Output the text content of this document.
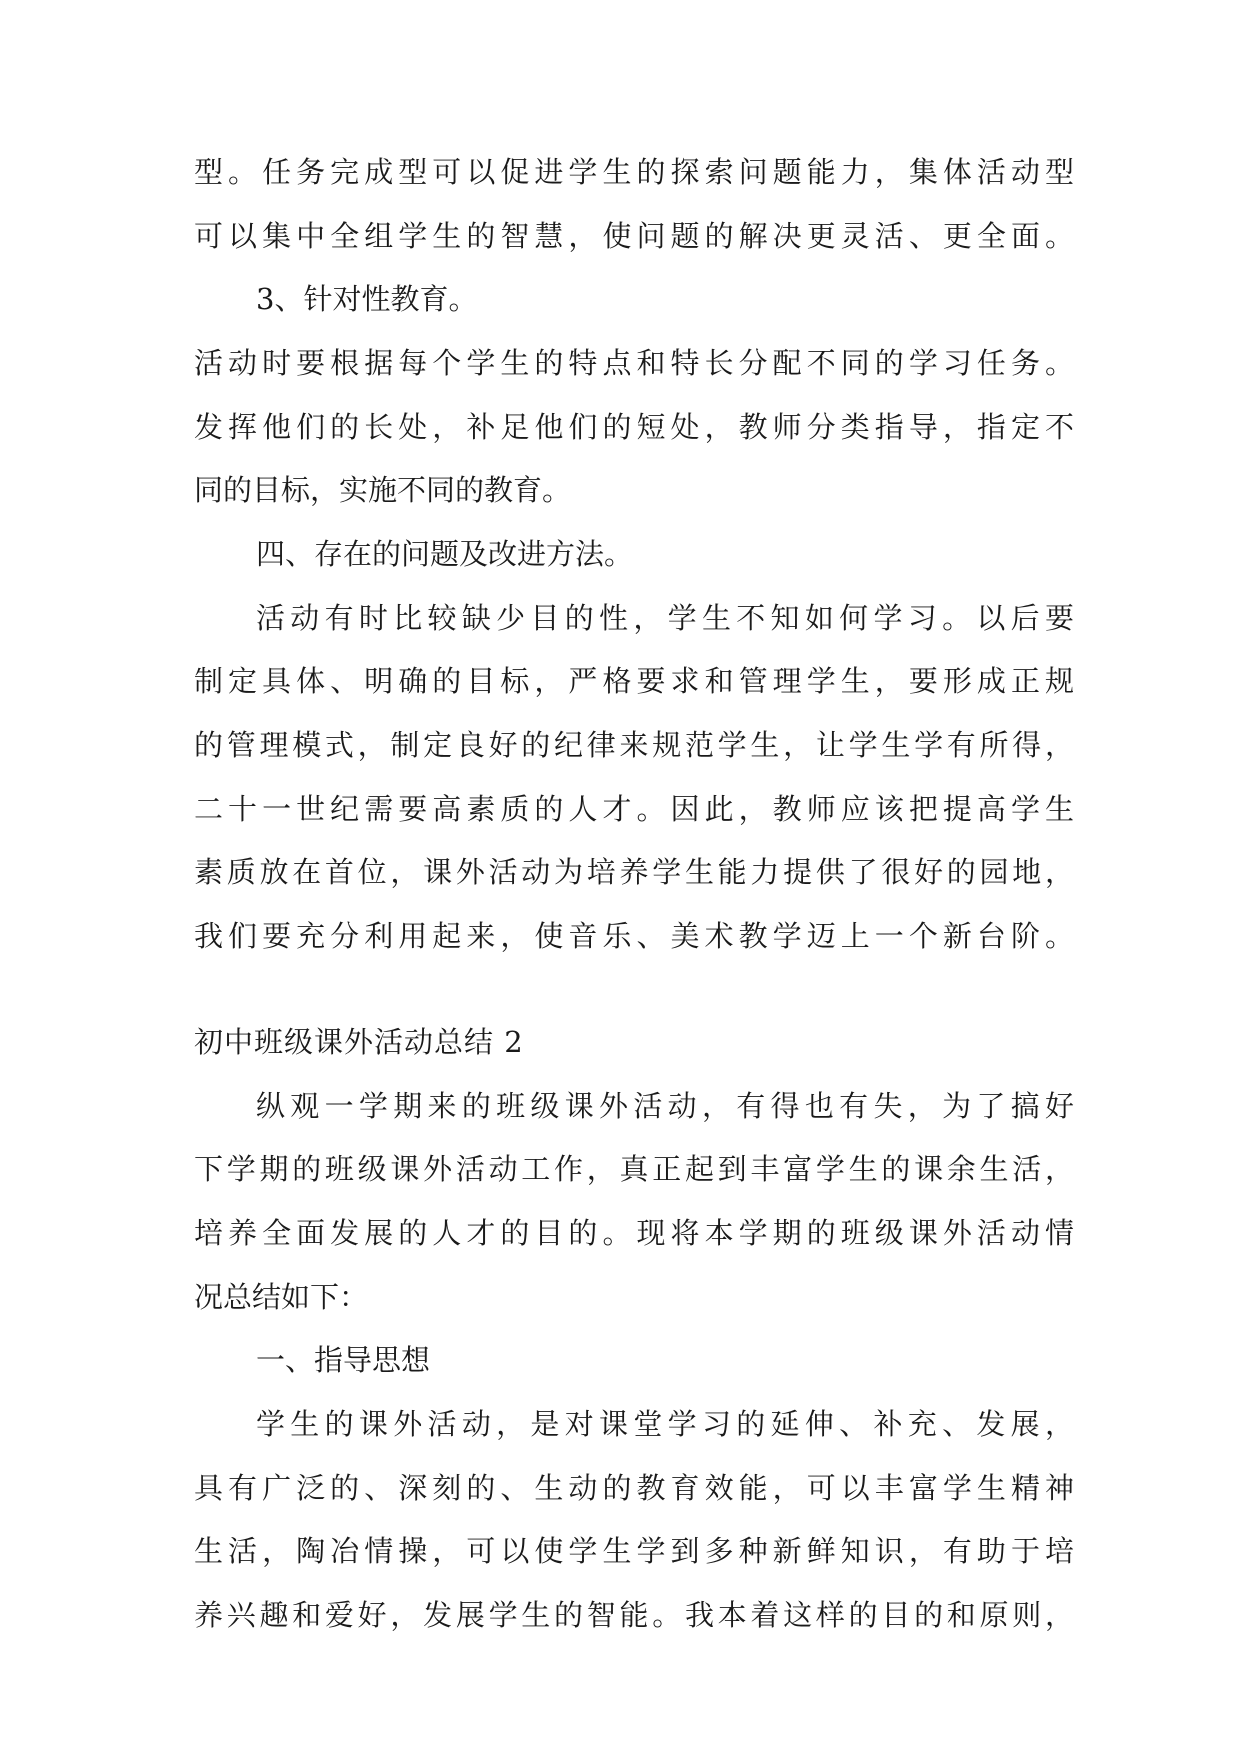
型。任务完成型可以促进学生的探索问题能力，集体活动型
可以集中全组学生的智慧，使问题的解决更灵活、更全面。
3、针对性教育。
活动时要根据每个学生的特点和特长分配不同的学习任务。
发挥他们的长处，补足他们的短处，教师分类指导，指定不
同的目标，实施不同的教育。
四、存在的问题及改进方法。
活动有时比较缺少目的性，学生不知如何学习。以后要
制定具体、明确的目标，严格要求和管理学生，要形成正规
的管理模式，制定良好的纪律来规范学生，让学生学有所得，
二十一世纪需要高素质的人才。因此，教师应该把提高学生
素质放在首位，课外活动为培养学生能力提供了很好的园地，
我们要充分利用起来，使音乐、美术教学迈上一个新台阶。
初中班级课外活动总结 2
纵观一学期来的班级课外活动，有得也有失，为了搞好
下学期的班级课外活动工作，真正起到丰富学生的课余生活，
培养全面发展的人才的目的。现将本学期的班级课外活动情
况总结如下：
一、指导思想
学生的课外活动，是对课堂学习的延伸、补充、发展，
具有广泛的、深刻的、生动的教育效能，可以丰富学生精神
生活，陶冶情操，可以使学生学到多种新鲜知识，有助于培
养兴趣和爱好，发展学生的智能。我本着这样的目的和原则，
